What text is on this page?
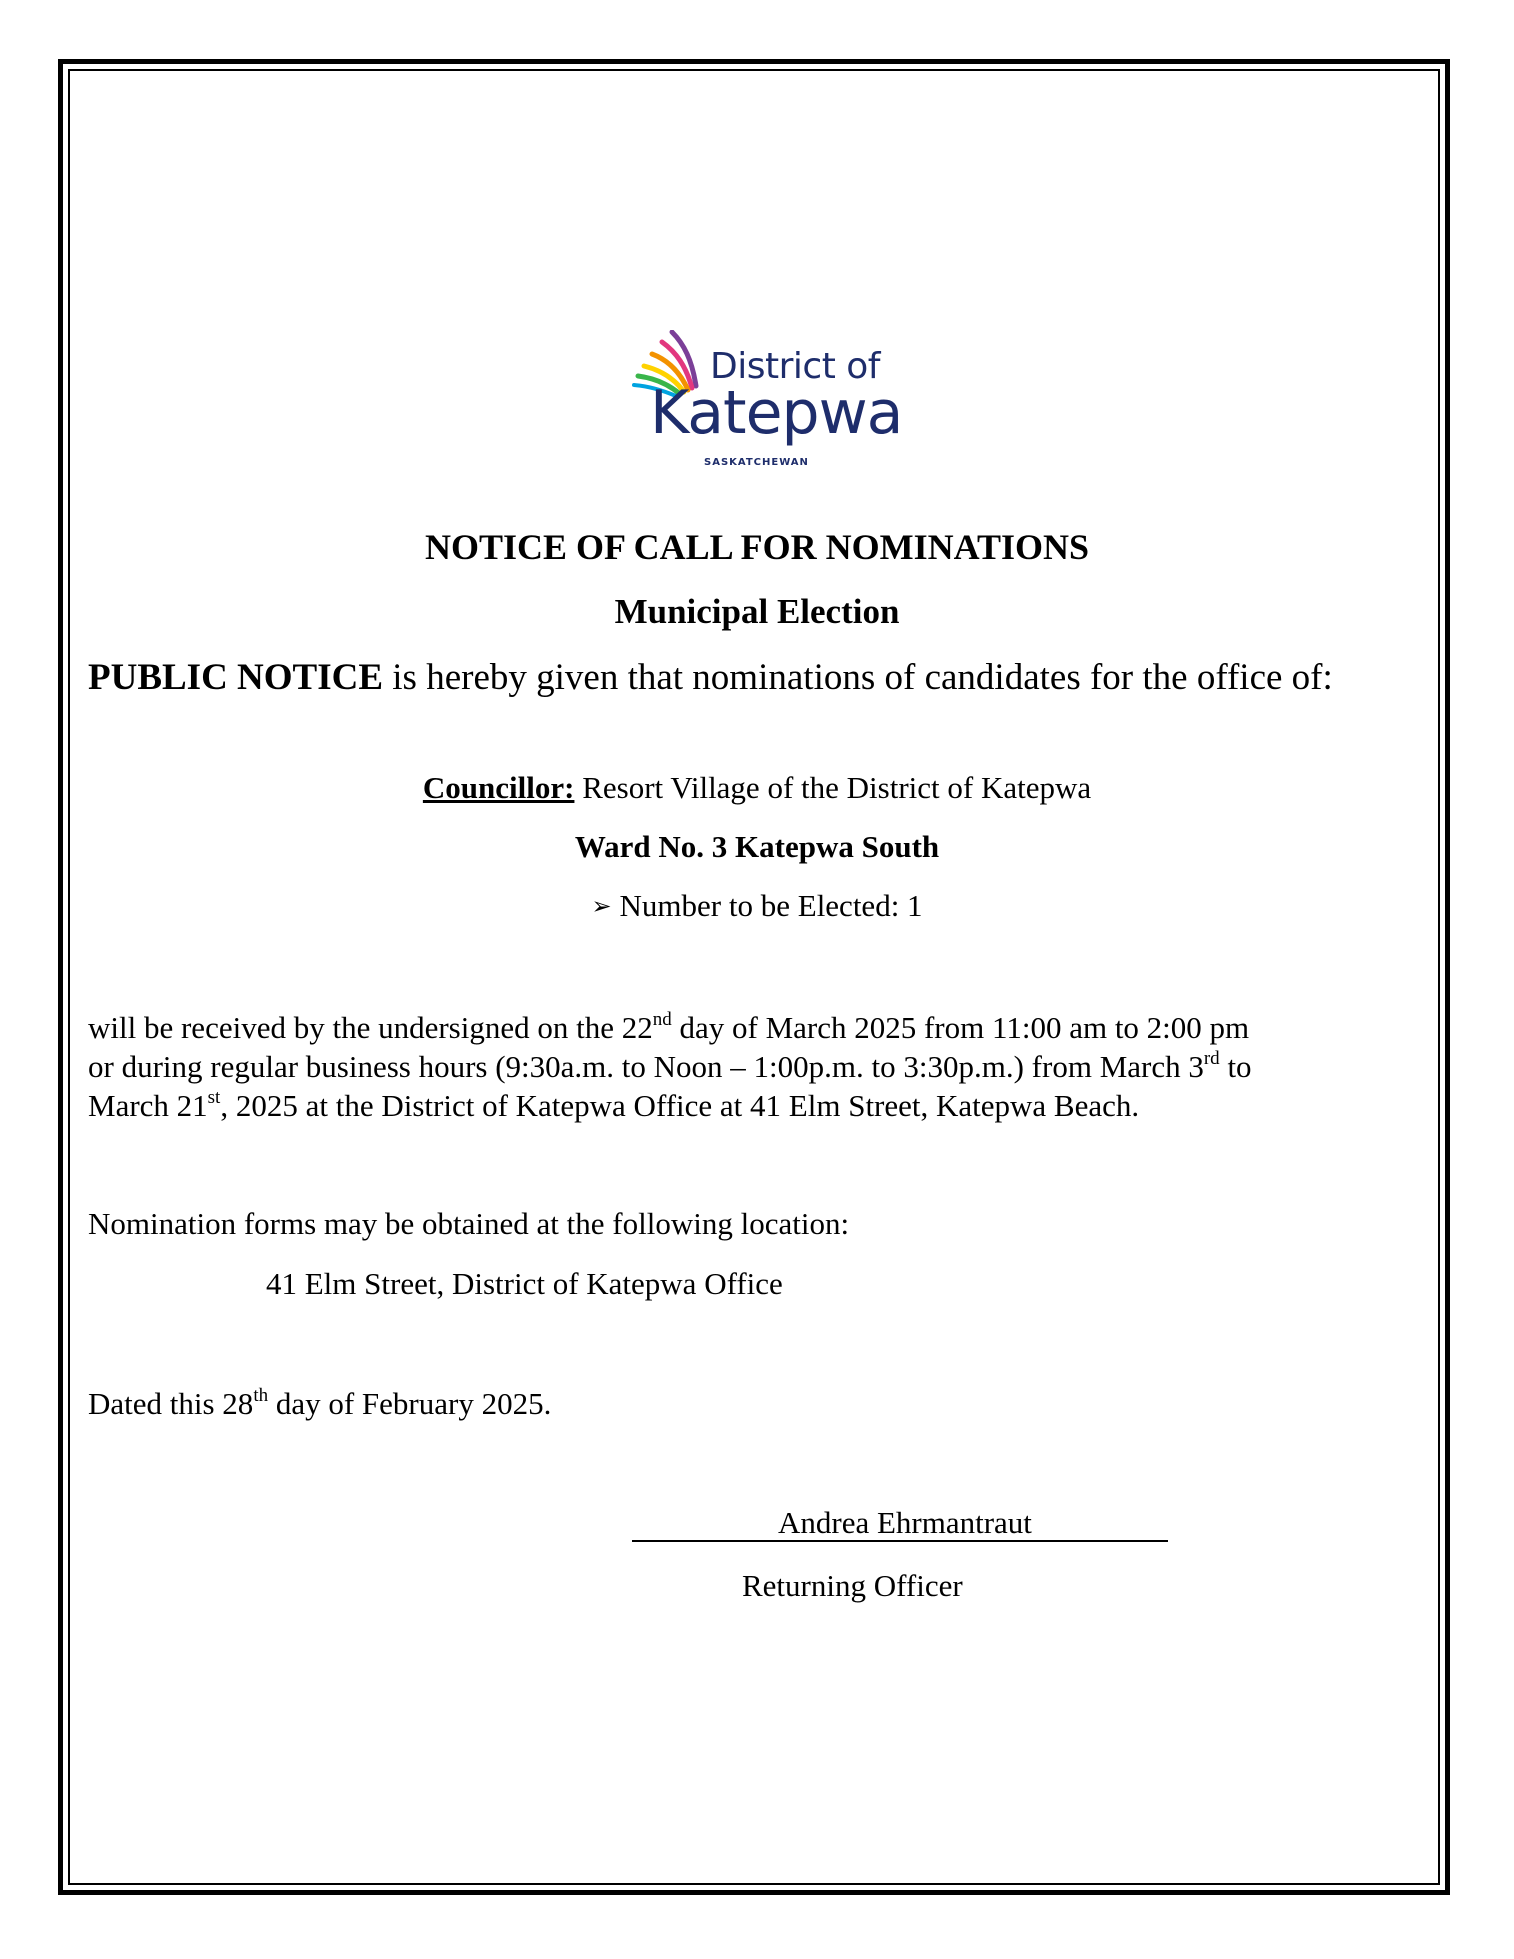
District of
Katepwa
SASKATCHEWAN
NOTICE OF CALL FOR NOMINATIONS
Municipal Election
PUBLIC NOTICE is hereby given that nominations of candidates for the office of:
Councillor: Resort Village of the District of Katepwa
Ward No. 3 Katepwa South
➢ Number to be Elected: 1
will be received by the undersigned on the 22nd day of March 2025 from 11:00 am to 2:00 pm
or during regular business hours (9:30a.m. to Noon – 1:00p.m. to 3:30p.m.) from March 3rd to
March 21st, 2025 at the District of Katepwa Office at 41 Elm Street, Katepwa Beach.
Nomination forms may be obtained at the following location:
41 Elm Street, District of Katepwa Office
Dated this 28th day of February 2025.
Andrea Ehrmantraut
Returning Officer
